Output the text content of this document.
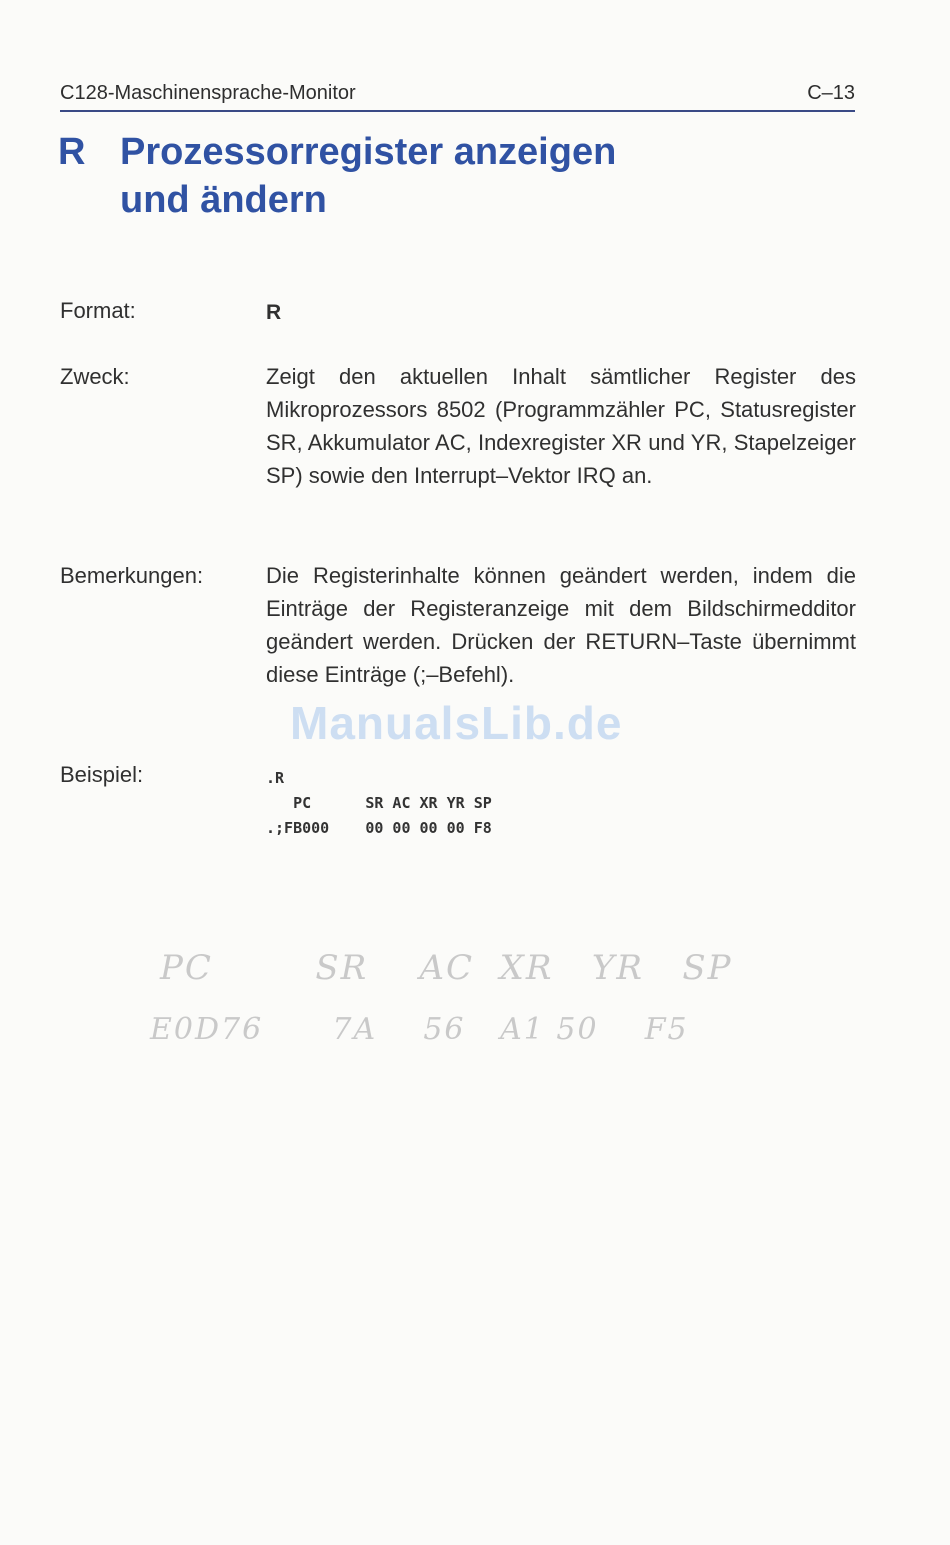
C128-Maschinensprache-Monitor	C–13
R Prozessorregister anzeigen
und ändern
Format:	R
Zweck:	Zeigt den aktuellen Inhalt sämtlicher Register des Mikroprozessors 8502 (Programmzähler PC, Statusregister SR, Akkumulator AC, Indexregister XR und YR, Stapelzeiger SP) sowie den Interrupt–Vektor IRQ an.
Bemerkungen:	Die Registerinhalte können geändert werden, indem die Einträge der Registeranzeige mit dem Bildschirmedditor geändert werden. Drücken der RETURN–Taste übernimmt diese Einträge (;–Befehl).
Beispiel:	.R
PC      SR AC XR YR SP
.;FB000    00 00 00 00 F8
PC        SR    AC  XR   YR   SP
E0D76      7A    56   A1 50    F5
ManualsLib.de
